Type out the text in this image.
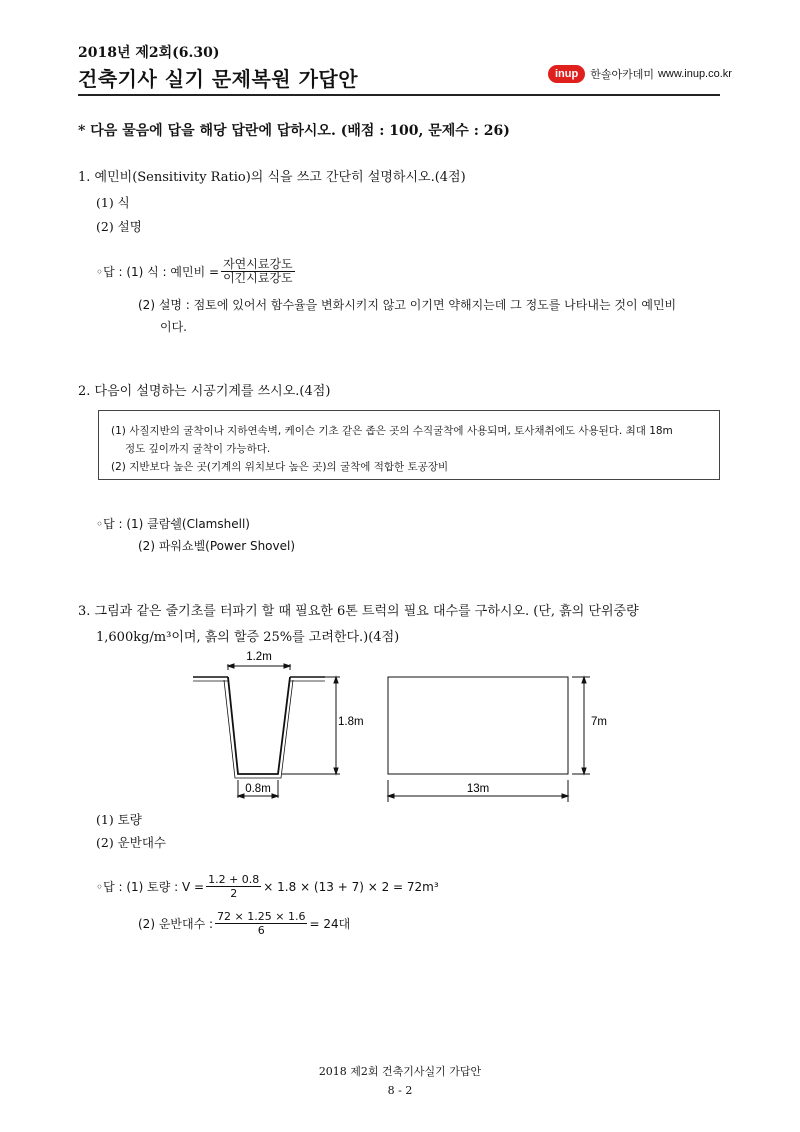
2018년 제2회(6.30)
건축기사 실기 문제복원 가답안	inup	한솔아카데미 www.inup.co.kr
* 다음 물음에 답을 해당 답란에 답하시오. (배점 : 100, 문제수 : 26)
1. 예민비(Sensitivity Ratio)의 식을 쓰고 간단히 설명하시오.(4점)
(1) 식
(2) 설명
◦답 : (1) 식 : 예민비 = $\frac{\text{자연시료강도}}{\text{이긴시료강도}}$
(2) 설명 : 점토에 있어서 함수율을 변화시키지 않고 이기면 약해지는데 그 정도를 나타내는 것이 예민비
이다.
2. 다음이 설명하는 시공기계를 쓰시오.(4점)
(1) 사질지반의 굴착이나 지하연속벽, 케이슨 기초 같은 좁은 곳의 수직굴착에 사용되며, 토사채취에도 사용된다. 최대 18m
정도 깊이까지 굴착이 가능하다.
(2) 지반보다 높은 곳(기계의 위치보다 높은 곳)의 굴착에 적합한 토공장비
◦답 : (1) 클람쉘(Clamshell)
(2) 파워쇼벨(Power Shovel)
3. 그림과 같은 줄기초를 터파기 할 때 필요한 6톤 트럭의 필요 대수를 구하시오. (단, 흙의 단위중량
1,600kg/m³이며, 흙의 할증 25%를 고려한다.)(4점)
1.2m
1.8m
0.8m
7m
13m
(1) 토량
(2) 운반대수
◦답 : (1) 토량 : $V = \frac{1.2 + 0.8}{2} \times 1.8 \times (13 + 7) \times 2 = 72m^3$
(2) 운반대수 : $\frac{72 \times 1.25 \times 1.6}{6} = 24$대
2018 제2회 건축기사실기 가답안
8 - 2
